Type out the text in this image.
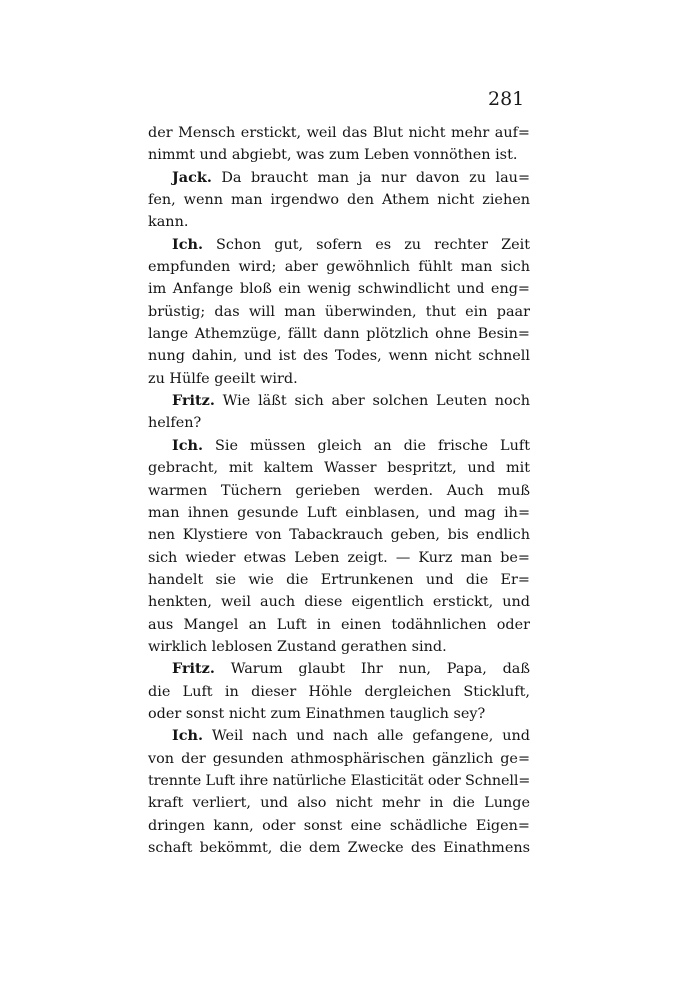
281
der Mensch erstickt, weil das Blut nicht mehr auf=
nimmt und abgiebt, was zum Leben vonnöthen ist.
Jack. Da braucht man ja nur davon zu lau=
fen, wenn man irgendwo den Athem nicht ziehen
kann.
Ich. Schon gut, sofern es zu rechter Zeit
empfunden wird; aber gewöhnlich fühlt man sich
im Anfange bloß ein wenig schwindlicht und eng=
brüstig; das will man überwinden, thut ein paar
lange Athemzüge, fällt dann plötzlich ohne Besin=
nung dahin, und ist des Todes, wenn nicht schnell
zu Hülfe geeilt wird.
Fritz. Wie läßt sich aber solchen Leuten noch
helfen?
Ich. Sie müssen gleich an die frische Luft
gebracht, mit kaltem Wasser bespritzt, und mit
warmen Tüchern gerieben werden. Auch muß
man ihnen gesunde Luft einblasen, und mag ih=
nen Klystiere von Tabackrauch geben, bis endlich
sich wieder etwas Leben zeigt. — Kurz man be=
handelt sie wie die Ertrunkenen und die Er=
henkten, weil auch diese eigentlich erstickt, und
aus Mangel an Luft in einen todähnlichen oder
wirklich leblosen Zustand gerathen sind.
Fritz. Warum glaubt Ihr nun, Papa, daß
die Luft in dieser Höhle dergleichen Stickluft,
oder sonst nicht zum Einathmen tauglich sey?
Ich. Weil nach und nach alle gefangene, und
von der gesunden athmosphärischen gänzlich ge=
trennte Luft ihre natürliche Elasticität oder Schnell=
kraft verliert, und also nicht mehr in die Lunge
dringen kann, oder sonst eine schädliche Eigen=
schaft bekömmt, die dem Zwecke des Einathmens
